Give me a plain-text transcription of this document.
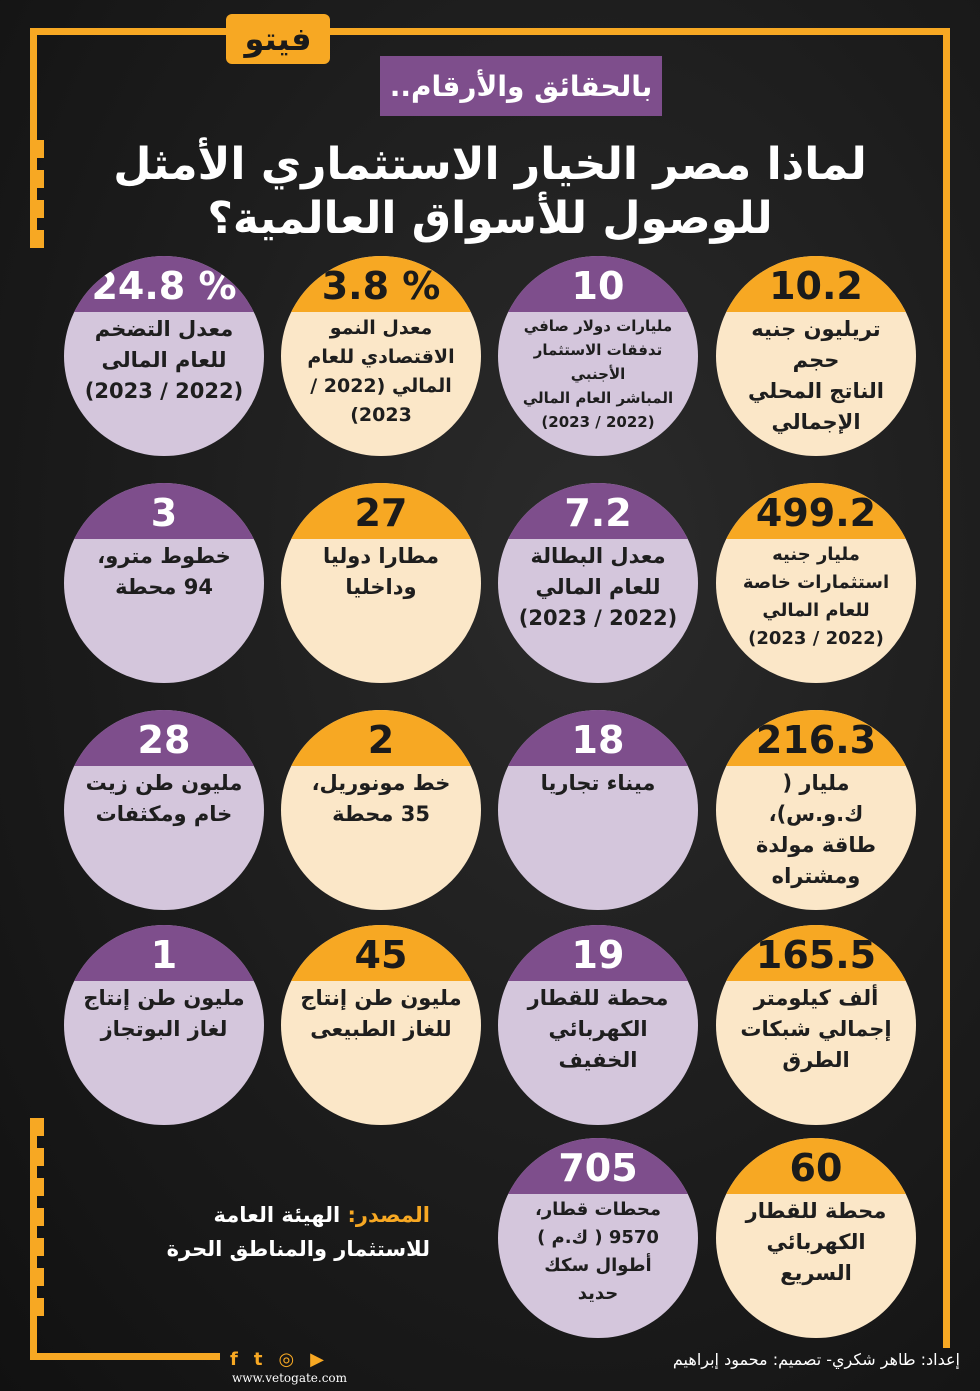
فيتو
بالحقائق والأرقام..
لماذا مصر الخيار الاستثماري الأمثل للوصول للأسواق العالمية؟
10.2
تريليون جنيه حجم
الناتج المحلي
الإجمالي
10
مليارات دولار صافي
تدفقات الاستثمار الأجنبي
المباشر العام المالي
(2022 / 2023)
3.8 %
معدل النمو
الاقتصادي للعام
المالي (2022 /
2023)
24.8 %
معدل التضخم
للعام المالى
(2022 / 2023)
499.2
مليار جنيه
استثمارات خاصة
للعام المالي
(2022 / 2023)
7.2
معدل البطالة
للعام المالي
(2022 / 2023)
27
مطارا دوليا
وداخليا
3
خطوط مترو،
94 محطة
216.3
مليار ( ك.و.س)،
طاقة مولدة
ومشتراه
18
ميناء تجاريا
2
خط مونوريل،
35 محطة
28
مليون طن زيت
خام ومكثفات
165.5
ألف كيلومتر
إجمالي شبكات
الطرق
19
محطة للقطار
الكهربائي
الخفيف
45
مليون طن إنتاج
للغاز الطبيعى
1
مليون طن إنتاج
لغاز البوتجاز
60
محطة للقطار
الكهربائي
السريع
705
محطات قطار،
9570 ( ك.م )
أطوال سكك
حديد
المصدر: الهيئة العامة
للاستثمار والمناطق الحرة
إعداد: طاهر شكري- تصميم: محمود إبراهيم
f t ◎ ▶
www.vetogate.com
